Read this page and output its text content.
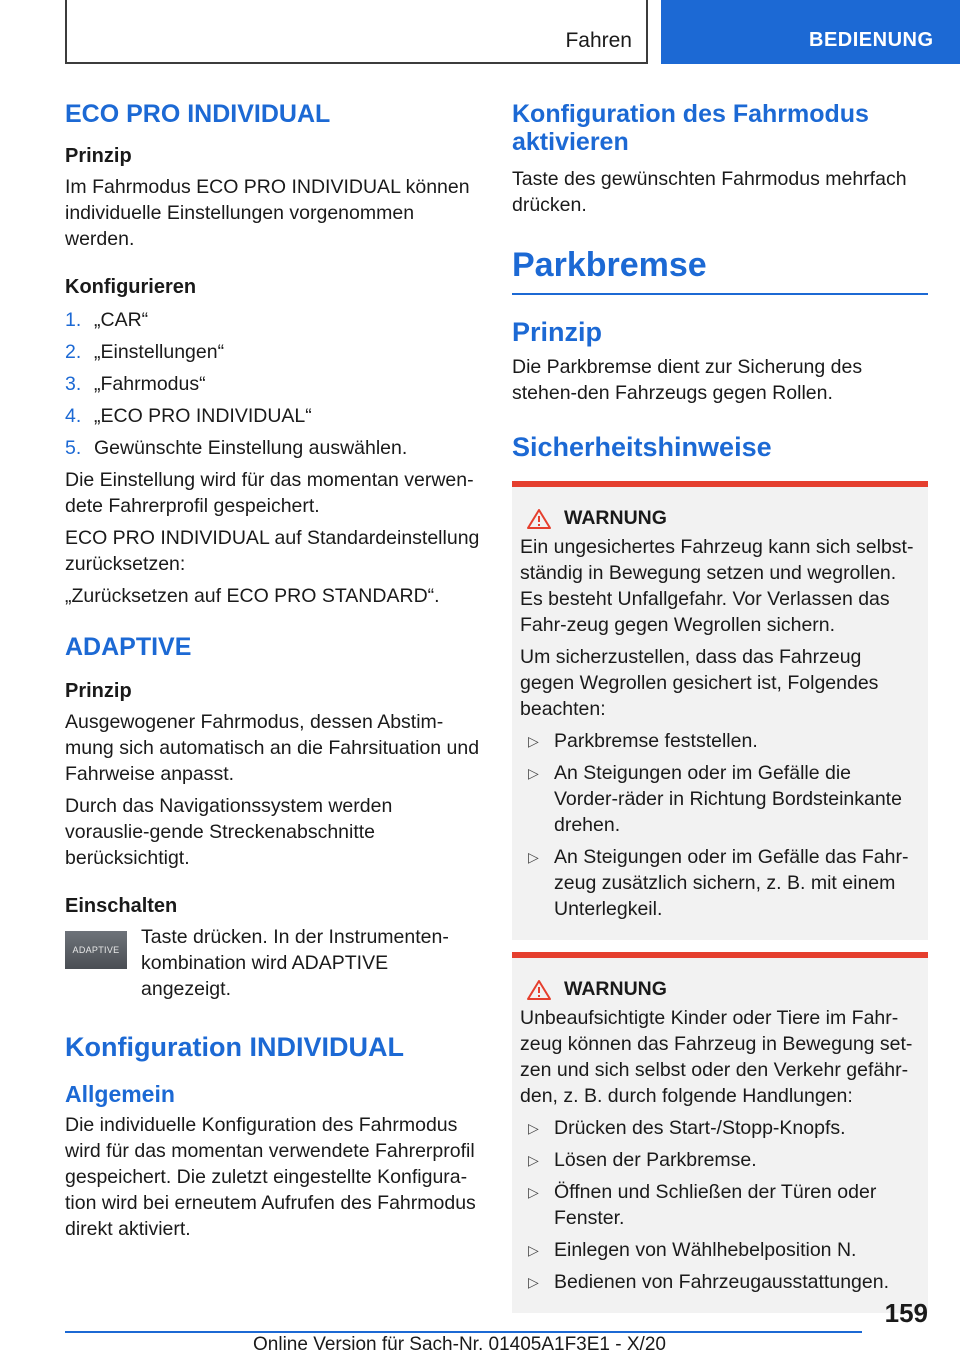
Fahren	BEDIENUNG
ECO PRO INDIVIDUAL
Prinzip

Im Fahrmodus ECO PRO INDIVIDUAL können individuelle Einstellungen vorgenommen werden.

Konfigurieren
1. „CAR“
2. „Einstellungen“
3. „Fahrmodus“
4. „ECO PRO INDIVIDUAL“
5. Gewünschte Einstellung auswählen.

Die Einstellung wird für das momentan verwen-dete Fahrerprofil gespeichert.

ECO PRO INDIVIDUAL auf Standardeinstellung zurücksetzen:

„Zurücksetzen auf ECO PRO STANDARD“.

ADAPTIVE
Prinzip

Ausgewogener Fahrmodus, dessen Abstim-mung sich automatisch an die Fahrsituation und Fahrweise anpasst.

Durch das Navigationssystem werden vorauslie-gende Streckenabschnitte berücksichtigt.

Einschalten
ADAPTIVE

Taste drücken. In der Instrumenten-kombination wird ADAPTIVE angezeigt.

Konfiguration INDIVIDUAL
Allgemein

Die individuelle Konfiguration des Fahrmodus wird für das momentan verwendete Fahrerprofil gespeichert. Die zuletzt eingestellte Konfigura-tion wird bei erneutem Aufrufen des Fahrmodus direkt aktiviert.

Konfiguration des Fahrmodus aktivieren

Taste des gewünschten Fahrmodus mehrfach drücken.

Parkbremse
Prinzip

Die Parkbremse dient zur Sicherung des stehen-den Fahrzeugs gegen Rollen.

Sicherheitshinweise
WARNUNG

Ein ungesichertes Fahrzeug kann sich selbst-ständig in Bewegung setzen und wegrollen. Es besteht Unfallgefahr. Vor Verlassen das Fahr-zeug gegen Wegrollen sichern.

Um sicherzustellen, dass das Fahrzeug gegen Wegrollen gesichert ist, Folgendes beachten:

▷ Parkbremse feststellen.
▷ An Steigungen oder im Gefälle die Vorder-räder in Richtung Bordsteinkante drehen.
▷ An Steigungen oder im Gefälle das Fahr-zeug zusätzlich sichern, z. B. mit einem Unterlegkeil.
WARNUNG

Unbeaufsichtigte Kinder oder Tiere im Fahr-zeug können das Fahrzeug in Bewegung set-zen und sich selbst oder den Verkehr gefähr-den, z. B. durch folgende Handlungen:

▷ Drücken des Start-/Stopp-Knopfs.
▷ Lösen der Parkbremse.
▷ Öffnen und Schließen der Türen oder Fenster.
▷ Einlegen von Wählhebelposition N.
▷ Bedienen von Fahrzeugausstattungen.
159
Online Version für Sach-Nr. 01405A1F3E1 - X/20
